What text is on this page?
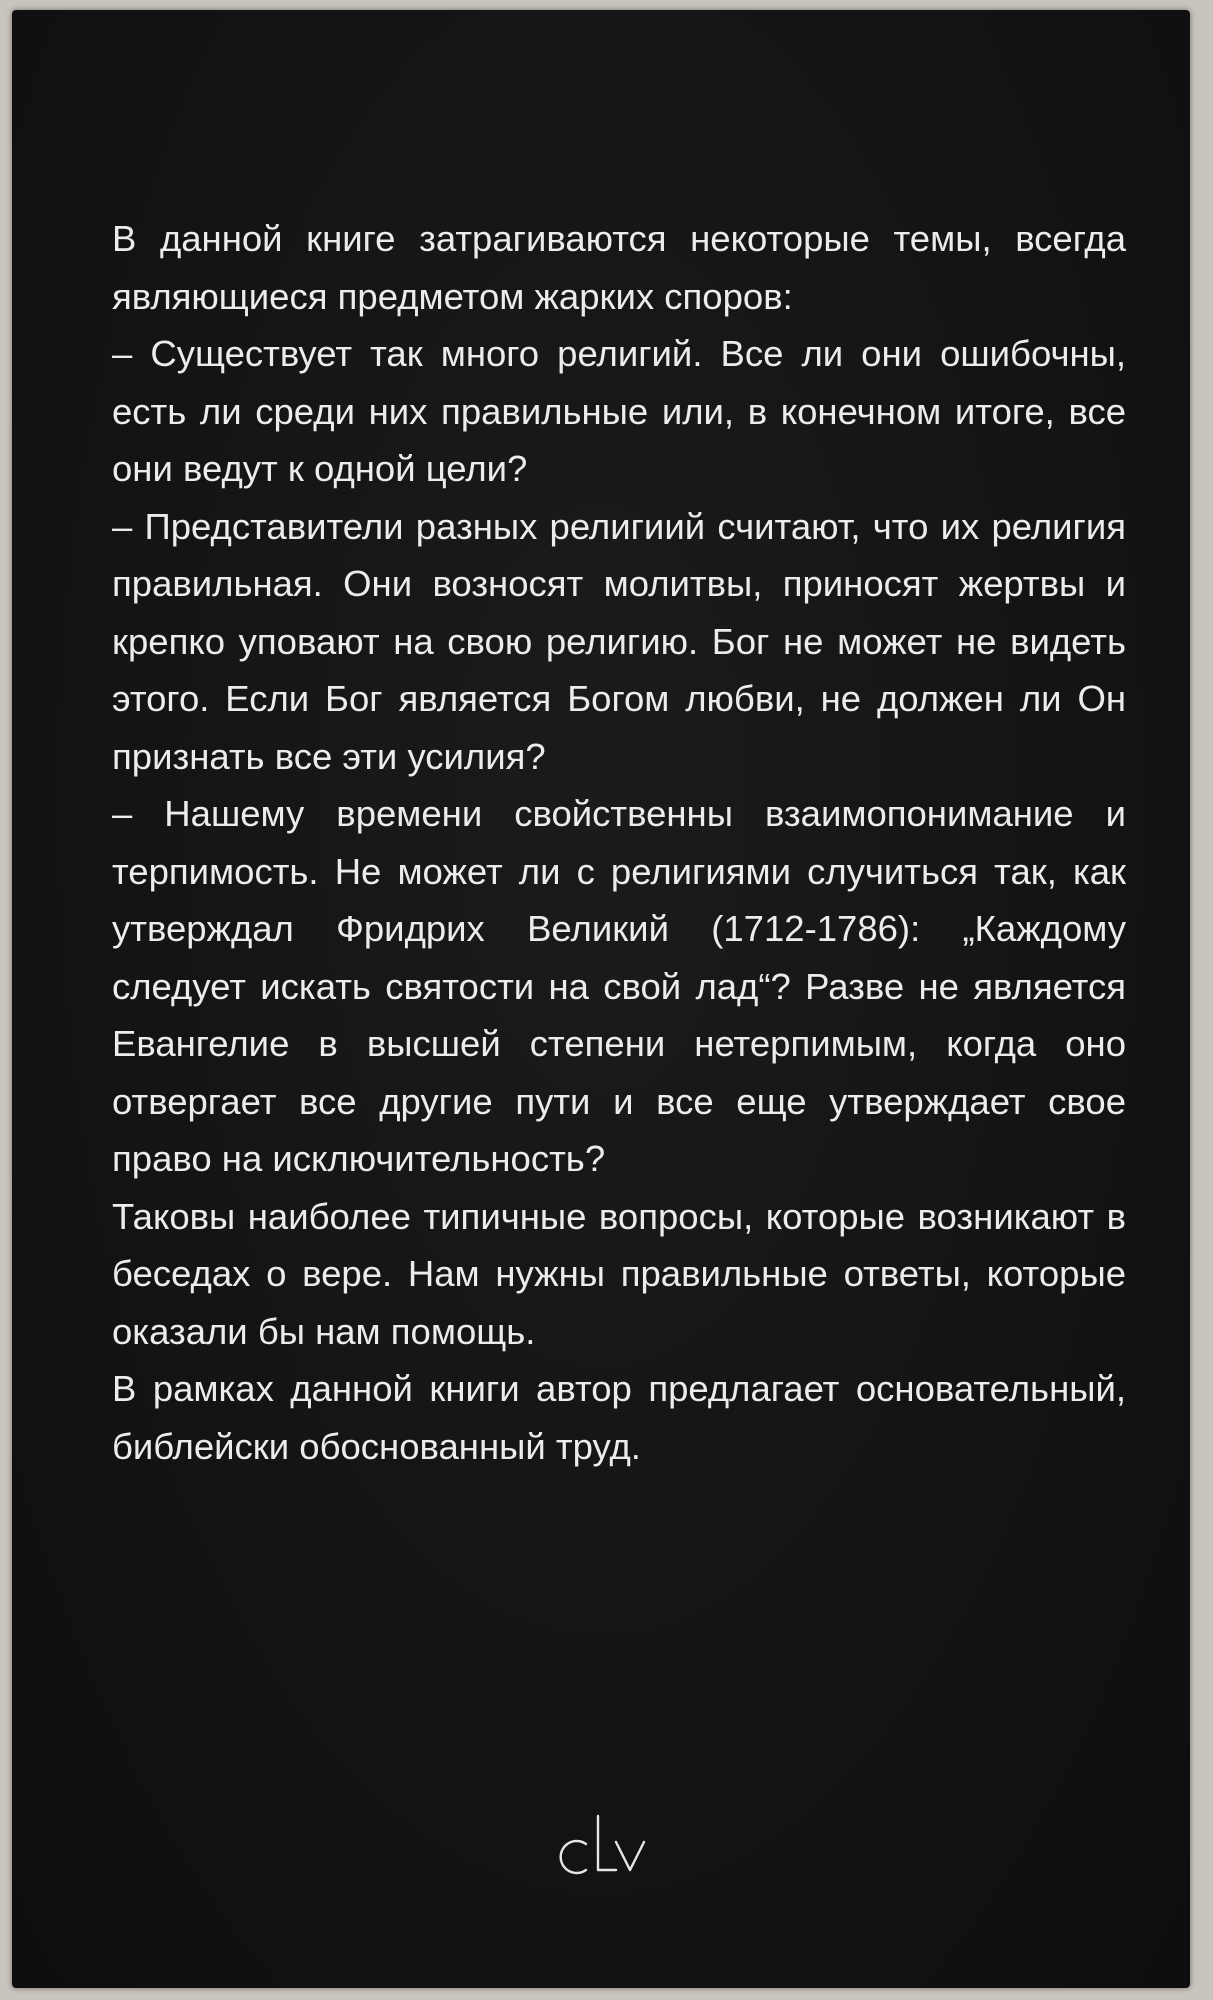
В данной книге затрагиваются некоторые темы, всегда являющиеся предметом жарких споров:

– Существует так много религий. Все ли они ошибочны, есть ли среди них правильные или, в конечном итоге, все они ведут к одной цели?

– Представители разных религиий считают, что их религия правильная. Они возносят молитвы, приносят жертвы и крепко уповают на свою религию. Бог не может не видеть этого. Если Бог является Богом любви, не должен ли Он признать все эти усилия?

– Нашему времени свойственны взаимопонимание и терпимость. Не может ли с религиями случиться так, как утверждал Фридрих Великий (1712-1786): „Каждому следует искать святости на свой лад“? Разве не является Евангелие в высшей степени нетерпимым, когда оно отвергает все другие пути и все еще утверждает свое право на исключительность?

Таковы наиболее типичные вопросы, которые возникают в беседах о вере. Нам нужны правильные ответы, которые оказали бы нам помощь.

В рамках данной книги автор предлагает основательный, библейски обоснованный труд.
